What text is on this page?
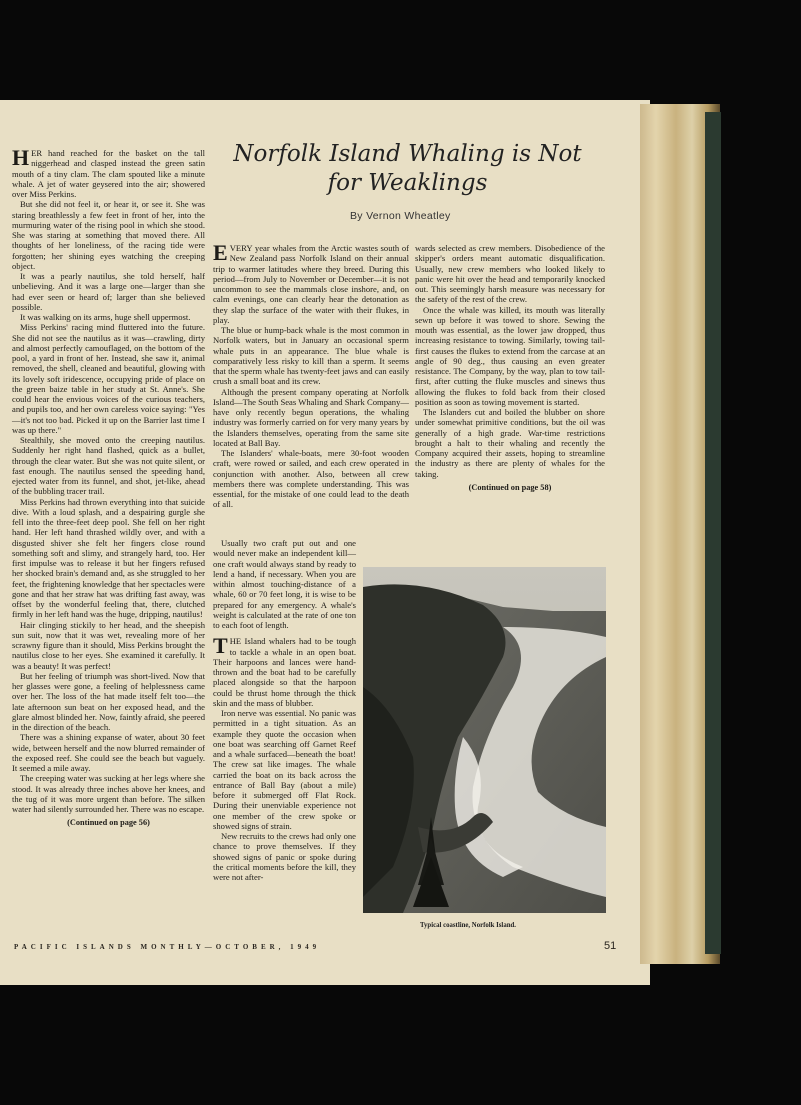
HER hand reached for the basket on the tall niggerhead and clasped instead the green satin mouth of a tiny clam. The clam spouted like a minute whale. A jet of water geysered into the air; showered over Miss Perkins.

But she did not feel it, or hear it, or see it. She was staring breathlessly a few feet in front of her, into the murmuring water of the rising pool in which she stood. She was staring at something that moved there. All thoughts of her loneliness, of the racing tide were forgotten; her shining eyes watching the creeping object.

It was a pearly nautilus, she told herself, half unbelieving. And it was a large one—larger than she had ever seen or heard of; larger than she believed possible.

It was walking on its arms, huge shell uppermost.

Miss Perkins' racing mind fluttered into the future. She did not see the nautilus as it was—crawling, dirty and almost perfectly camouflaged, on the bottom of the pool, a yard in front of her. Instead, she saw it, animal removed, the shell, cleaned and beautiful, glowing with its lovely soft iridescence, occupying pride of place on the green baize table in her study at St. Anne's. She could hear the envious voices of the curious teachers, and pupils too, and her own careless voice saying: "Yes—it's not too bad. Picked it up on the Barrier last time I was up there."

Stealthily, she moved onto the creeping nautilus. Suddenly her right hand flashed, quick as a bullet, through the clear water. But she was not quite silent, or fast enough. The nautilus sensed the speeding hand, ejected water from its funnel, and shot, jet-like, ahead of the bubbling tracer trail.

Miss Perkins had thrown everything into that suicide dive. With a loud splash, and a despairing gurgle she fell into the three-feet deep pool. She fell on her right hand. Her left hand thrashed wildly over, and with a disgusted shiver she felt her fingers close round something soft and slimy, and strangely hard, too. Her first impulse was to release it but her fingers refused her shocked brain's demand and, as she struggled to her feet, the frightening knowledge that her spectacles were gone and that her straw hat was drifting fast away, was offset by the wonderful feeling that, there, clutched firmly in her left hand was the huge, dripping, nautilus!

Hair clinging stickily to her head, and the sheepish sun suit, now that it was wet, revealing more of her scrawny figure than it should, Miss Perkins brought the nautilus close to her eyes. She examined it carefully. It was a beauty! It was perfect!

But her feeling of triumph was short-lived. Now that her glasses were gone, a feeling of helplessness came over her. The loss of the hat made itself felt too—the late afternoon sun beat on her exposed head, and the glare almost blinded her. Now, faintly afraid, she peered in the direction of the beach.

There was a shining expanse of water, about 30 feet wide, between herself and the now blurred remainder of the exposed reef. She could see the beach but vaguely. It seemed a mile away.

The creeping water was sucking at her legs where she stood. It was already three inches above her knees, and the tug of it was more urgent than before. The silken water had silently surrounded her. There was no escape.

(Continued on page 56)
Norfolk Island Whaling is Not
for Weaklings
By Vernon Wheatley

EVERY year whales from the Arctic wastes south of New Zealand pass Norfolk Island on their annual trip to warmer latitudes where they breed. During this period—from July to November or December—it is not uncommon to see the mammals close inshore, and, on calm evenings, one can clearly hear the detonation as they slap the surface of the water with their flukes, in play.

The blue or hump-back whale is the most common in Norfolk waters, but in January an occasional sperm whale puts in an appearance. The blue whale is comparatively less risky to kill than a sperm. It seems that the sperm whale has twenty-feet jaws and can easily crush a small boat and its crew.

Although the present company operating at Norfolk Island—The South Seas Whaling and Shark Company—have only recently begun operations, the whaling industry was formerly carried on for very many years by the Islanders themselves, operating from the same site located at Ball Bay.

The Islanders' whale-boats, mere 30-foot wooden craft, were rowed or sailed, and each crew operated in conjunction with another. Also, between all crew members there was complete understanding. This was essential, for the mistake of one could lead to the death of all.

Usually two craft put out and one would never make an independent kill—one craft would always stand by ready to lend a hand, if necessary. When you are within almost touching-distance of a whale, 60 or 70 feet long, it is wise to be prepared for any emergency. A whale's weight is calculated at the rate of one ton to each foot of length.

THE Island whalers had to be tough to tackle a whale in an open boat. Their harpoons and lances were hand-thrown and the boat had to be carefully placed alongside so that the harpoon could be thrust home through the thick skin and the mass of blubber.

Iron nerve was essential. No panic was permitted in a tight situation. As an example they quote the occasion when one boat was searching off Garnet Reef and a whale surfaced—beneath the boat! The crew sat like images. The whale carried the boat on its back across the entrance of Ball Bay (about a mile) before it submerged off Flat Rock. During their unenviable experience not one member of the crew spoke or showed signs of strain.

New recruits to the crews had only one chance to prove themselves. If they showed signs of panic or spoke during the critical moments before the kill, they were not after-

wards selected as crew members. Disobedience of the skipper's orders meant automatic disqualification. Usually, new crew members who looked likely to panic were hit over the head and temporarily knocked out. This seemingly harsh measure was necessary for the safety of the rest of the crew.

Once the whale was killed, its mouth was literally sewn up before it was towed to shore. Sewing the mouth was essential, as the lower jaw dropped, thus increasing resistance to towing. Similarly, towing tail-first causes the flukes to extend from the carcase at an angle of 90 deg., thus causing an even greater resistance. The Company, by the way, plan to tow tail-first, after cutting the fluke muscles and sinews thus allowing the flukes to fold back from their closed position as soon as towing movement is started.

The Islanders cut and boiled the blubber on shore under somewhat primitive conditions, but the oil was generally of a high grade. War-time restrictions brought a halt to their whaling and recently the Company acquired their assets, hoping to streamline the industry as there are plenty of whales for the taking.

(Continued on page 58)
Typical coastline, Norfolk Island.
PACIFIC ISLANDS MONTHLY—OCTOBER, 1949	51
